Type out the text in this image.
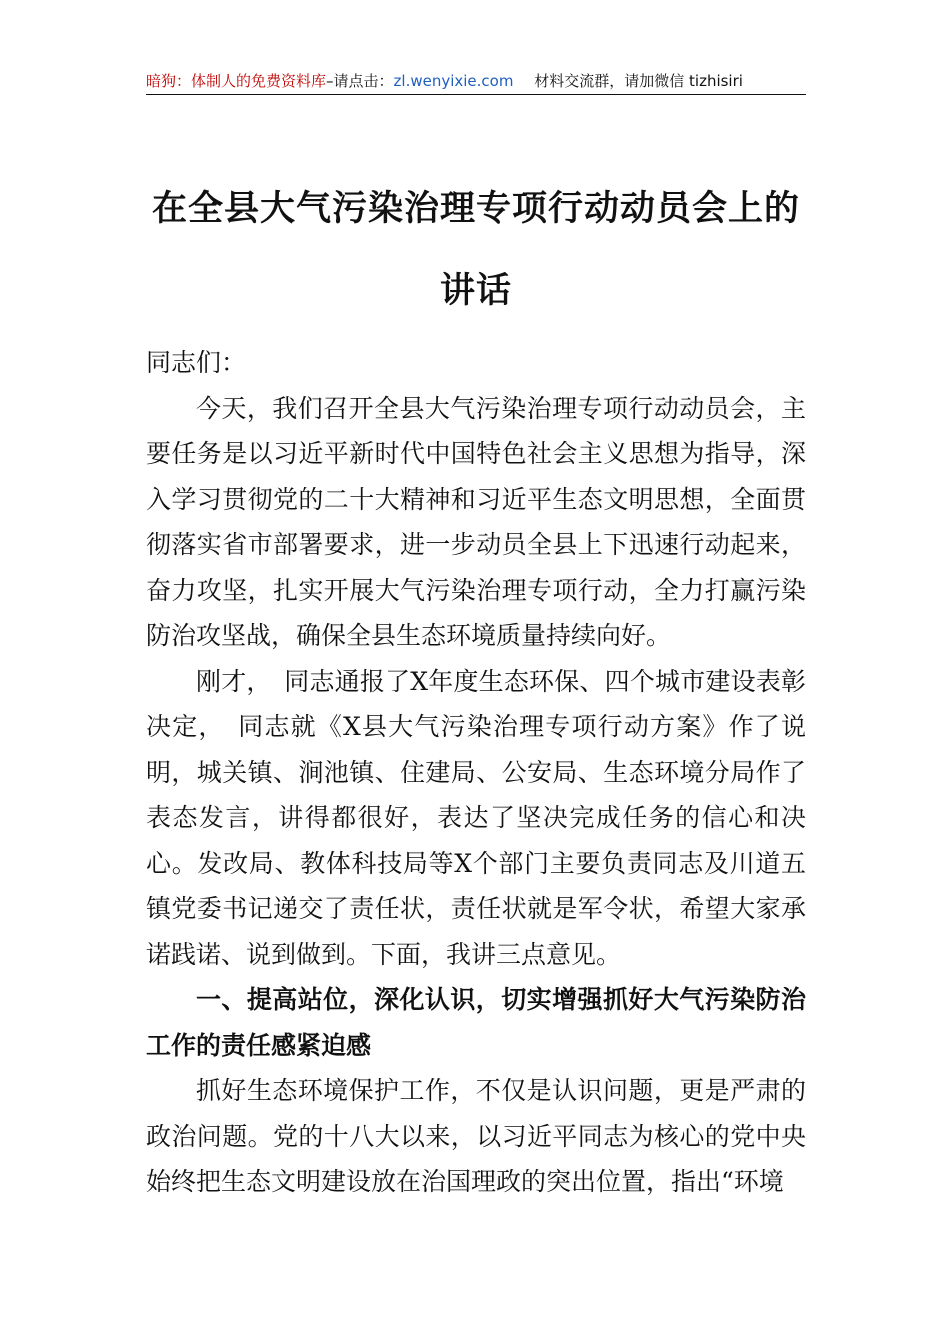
暗狗：体制人的免费资料库–请点击：zl.wenyixie.com 材料交流群，请加微信 tizhisiri
在全县大气污染治理专项行动动员会上的
讲话

同志们：

今天，我们召开全县大气污染治理专项行动动员会，主要任务是以习近平新时代中国特色社会主义思想为指导，深入学习贯彻党的二十大精神和习近平生态文明思想，全面贯彻落实省市部署要求，进一步动员全县上下迅速行动起来，奋力攻坚，扎实开展大气污染治理专项行动，全力打赢污染防治攻坚战，确保全县生态环境质量持续向好。

刚才，　同志通报了X年度生态环保、四个城市建设表彰决定，　同志就《X县大气污染治理专项行动方案》作了说明，城关镇、涧池镇、住建局、公安局、生态环境分局作了表态发言，讲得都很好，表达了坚决完成任务的信心和决心。发改局、教体科技局等X个部门主要负责同志及川道五镇党委书记递交了责任状，责任状就是军令状，希望大家承诺践诺、说到做到。下面，我讲三点意见。

一、提高站位，深化认识，切实增强抓好大气污染防治工作的责任感紧迫感

抓好生态环境保护工作，不仅是认识问题，更是严肃的政治问题。党的十八大以来，以习近平同志为核心的党中央始终把生态文明建设放在治国理政的突出位置，指出“环境
